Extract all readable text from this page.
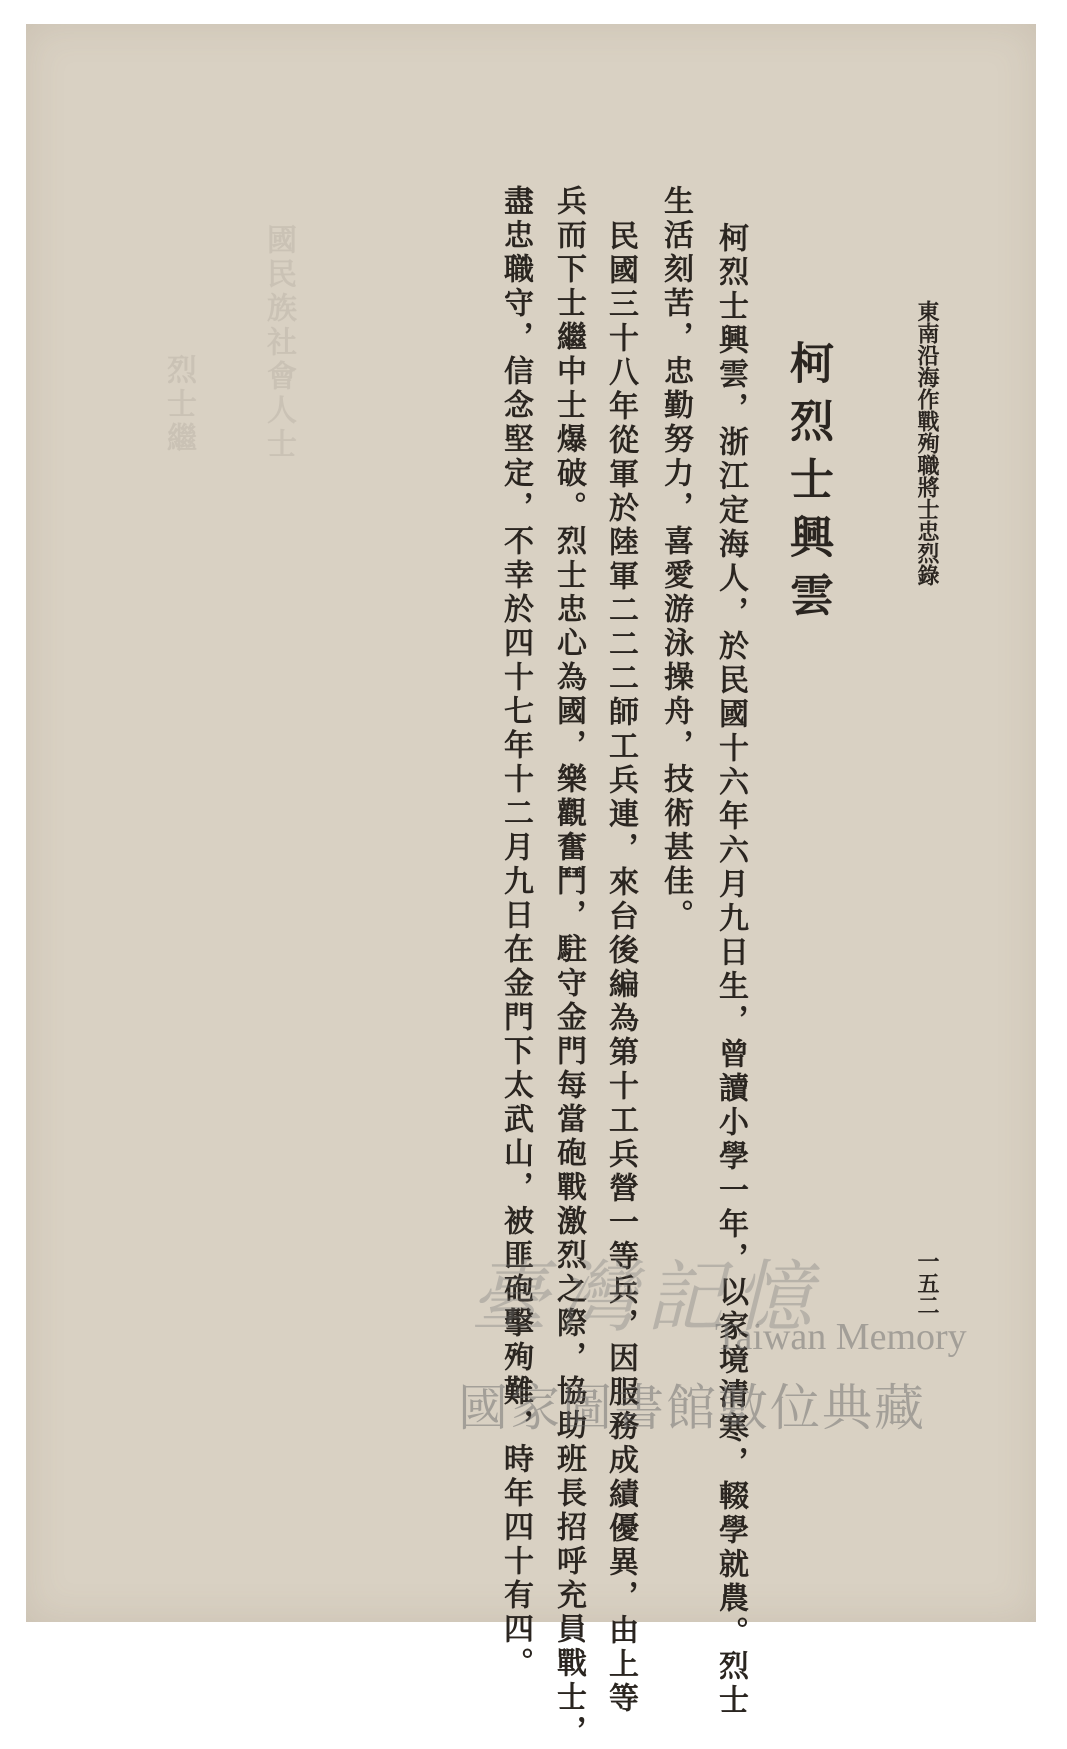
烈士繼 國民族社會人士	東南沿海作戰殉職將士忠烈錄
柯烈士興雲
柯烈士興雲，浙江定海人，於民國十六年六月九日生，曾讀小學一年，以家境清寒，輟學就農。烈士
生活刻苦，忠勤努力，喜愛游泳操舟，技術甚佳。
民國三十八年從軍於陸軍二二二師工兵連，來台後編為第十工兵營一等兵，因服務成績優異，由上等
兵而下士繼中士爆破。烈士忠心為國，樂觀奮鬥，駐守金門每當砲戰激烈之際，協助班長招呼充員戰士，
盡忠職守，信念堅定，不幸於四十七年十二月九日在金門下太武山，被匪砲擊殉難，時年四十有四。	一五二
臺灣記憶
Taiwan Memory
國家圖書館數位典藏
